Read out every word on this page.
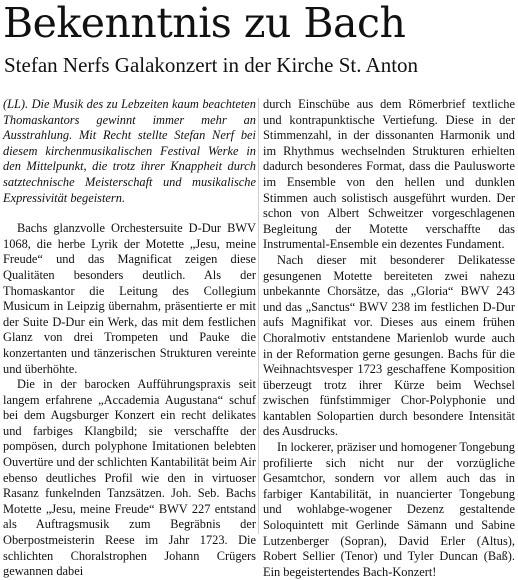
Bekenntnis zu Bach
Stefan Nerfs Galakonzert in der Kirche St. Anton

(LL). Die Musik des zu Lebzeiten kaum beachteten Thomaskantors gewinnt immer mehr an Ausstrahlung. Mit Recht stellte Stefan Nerf bei diesem kirchenmusikalischen Festival Werke in den Mittelpunkt, die trotz ihrer Knappheit durch satztechnische Meisterschaft und musikalische Expressivität begeistern.

Bachs glanzvolle Orchestersuite D-Dur BWV 1068, die herbe Lyrik der Motette „Jesu, meine Freude“ und das Magnificat zeigen diese Qualitäten besonders deutlich. Als der Thomaskantor die Leitung des Collegium Musicum in Leipzig übernahm, präsentierte er mit der Suite D-Dur ein Werk, das mit dem festlichen Glanz von drei Trompeten und Pauke die konzertanten und tänzerischen Strukturen vereinte und überhöhte.

Die in der barocken Aufführungspraxis seit langem erfahrene „Accademia Augustana“ schuf bei dem Augsburger Konzert ein recht delikates und farbiges Klangbild; sie verschaffte der pompösen, durch polyphone Imitationen belebten Ouvertüre und der schlichten Kantabilität beim Air ebenso deutliches Profil wie den in virtuoser Rasanz funkelnden Tanzsätzen. Joh. Seb. Bachs Motette „Jesu, meine Freude“ BWV 227 entstand als Auftragsmusik zum Begräbnis der Oberpostmeisterin Reese im Jahr 1723. Die schlichten Choralstrophen Johann Crügers gewannen dabei

durch Einschübe aus dem Römerbrief textliche und kontrapunktische Vertiefung. Diese in der Stimmenzahl, in der dissonanten Harmonik und im Rhythmus wechselnden Strukturen erhielten dadurch besonderes Format, dass die Paulusworte im Ensemble von den hellen und dunklen Stimmen auch solistisch ausgeführt wurden. Der schon von Albert Schweitzer vorgeschlagenen Begleitung der Motette verschaffte das Instrumental-Ensemble ein dezentes Fundament.

Nach dieser mit besonderer Delikatesse gesungenen Motette bereiteten zwei nahezu unbekannte Chorsätze, das „Gloria“ BWV 243 und das „Sanctus“ BWV 238 im festlichen D-Dur aufs Magnifikat vor. Dieses aus einem frühen Choralmotiv entstandene Marienlob wurde auch in der Reformation gerne gesungen. Bachs für die Weihnachtsvesper 1723 geschaffene Komposition überzeugt trotz ihrer Kürze beim Wechsel zwischen fünfstimmiger Chor-Polyphonie und kantablen Solopartien durch besondere Intensität des Ausdrucks.

In lockerer, präziser und homogener Tongebung profilierte sich nicht nur der vorzügliche Gesamtchor, sondern vor allem auch das in farbiger Kantabilität, in nuancierter Tongebung und wohlabge-wogener Dezenz gestaltende Soloquintett mit Gerlinde Sämann und Sabine Lutzenberger (Sopran), David Erler (Altus), Robert Sellier (Tenor) und Tyler Duncan (Baß). Ein begeistertendes Bach-Konzert!
